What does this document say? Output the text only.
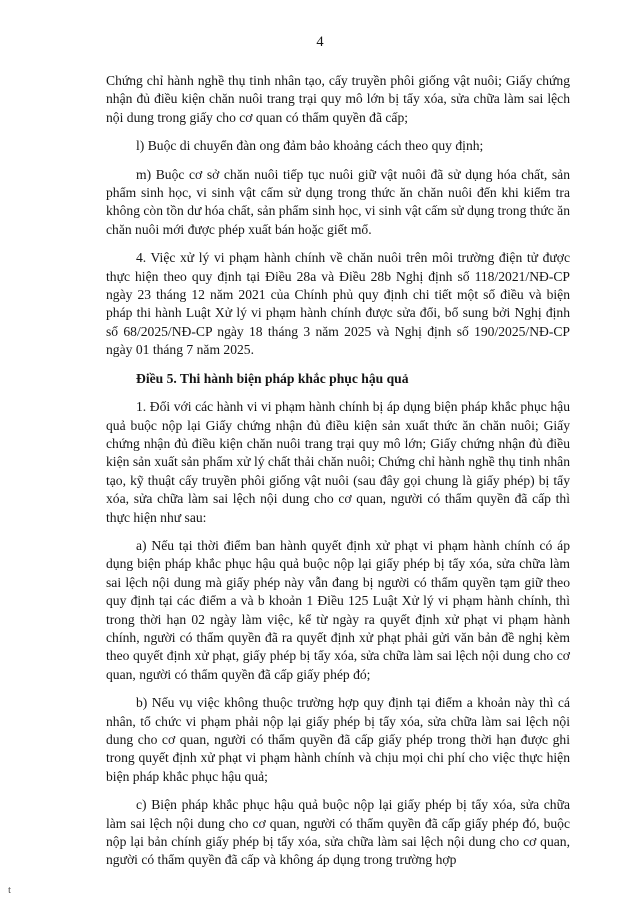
4

Chứng chỉ hành nghề thụ tinh nhân tạo, cấy truyền phôi giống vật nuôi; Giấy chứng nhận đủ điều kiện chăn nuôi trang trại quy mô lớn bị tẩy xóa, sửa chữa làm sai lệch nội dung trong giấy cho cơ quan có thẩm quyền đã cấp;

l) Buộc di chuyển đàn ong đảm bảo khoảng cách theo quy định;

m) Buộc cơ sở chăn nuôi tiếp tục nuôi giữ vật nuôi đã sử dụng hóa chất, sản phẩm sinh học, vi sinh vật cấm sử dụng trong thức ăn chăn nuôi đến khi kiểm tra không còn tồn dư hóa chất, sản phẩm sinh học, vi sinh vật cấm sử dụng trong thức ăn chăn nuôi mới được phép xuất bán hoặc giết mổ.

4. Việc xử lý vi phạm hành chính về chăn nuôi trên môi trường điện tử được thực hiện theo quy định tại Điều 28a và Điều 28b Nghị định số 118/2021/NĐ-CP ngày 23 tháng 12 năm 2021 của Chính phủ quy định chi tiết một số điều và biện pháp thi hành Luật Xử lý vi phạm hành chính được sửa đổi, bổ sung bởi Nghị định số 68/2025/NĐ-CP ngày 18 tháng 3 năm 2025 và Nghị định số 190/2025/NĐ-CP ngày 01 tháng 7 năm 2025.

Điều 5. Thi hành biện pháp khắc phục hậu quả

1. Đối với các hành vi vi phạm hành chính bị áp dụng biện pháp khắc phục hậu quả buộc nộp lại Giấy chứng nhận đủ điều kiện sản xuất thức ăn chăn nuôi; Giấy chứng nhận đủ điều kiện chăn nuôi trang trại quy mô lớn; Giấy chứng nhận đủ điều kiện sản xuất sản phẩm xử lý chất thải chăn nuôi; Chứng chỉ hành nghề thụ tinh nhân tạo, kỹ thuật cấy truyền phôi giống vật nuôi (sau đây gọi chung là giấy phép) bị tẩy xóa, sửa chữa làm sai lệch nội dung cho cơ quan, người có thẩm quyền đã cấp thì thực hiện như sau:

a) Nếu tại thời điểm ban hành quyết định xử phạt vi phạm hành chính có áp dụng biện pháp khắc phục hậu quả buộc nộp lại giấy phép bị tẩy xóa, sửa chữa làm sai lệch nội dung mà giấy phép này vẫn đang bị người có thẩm quyền tạm giữ theo quy định tại các điểm a và b khoản 1 Điều 125 Luật Xử lý vi phạm hành chính, thì trong thời hạn 02 ngày làm việc, kể từ ngày ra quyết định xử phạt vi phạm hành chính, người có thẩm quyền đã ra quyết định xử phạt phải gửi văn bản đề nghị kèm theo quyết định xử phạt, giấy phép bị tẩy xóa, sửa chữa làm sai lệch nội dung cho cơ quan, người có thẩm quyền đã cấp giấy phép đó;

b) Nếu vụ việc không thuộc trường hợp quy định tại điểm a khoản này thì cá nhân, tổ chức vi phạm phải nộp lại giấy phép bị tẩy xóa, sửa chữa làm sai lệch nội dung cho cơ quan, người có thẩm quyền đã cấp giấy phép trong thời hạn được ghi trong quyết định xử phạt vi phạm hành chính và chịu mọi chi phí cho việc thực hiện biện pháp khắc phục hậu quả;

c) Biện pháp khắc phục hậu quả buộc nộp lại giấy phép bị tẩy xóa, sửa chữa làm sai lệch nội dung cho cơ quan, người có thẩm quyền đã cấp giấy phép đó, buộc nộp lại bản chính giấy phép bị tẩy xóa, sửa chữa làm sai lệch nội dung cho cơ quan, người có thẩm quyền đã cấp và không áp dụng trong trường hợp

t
